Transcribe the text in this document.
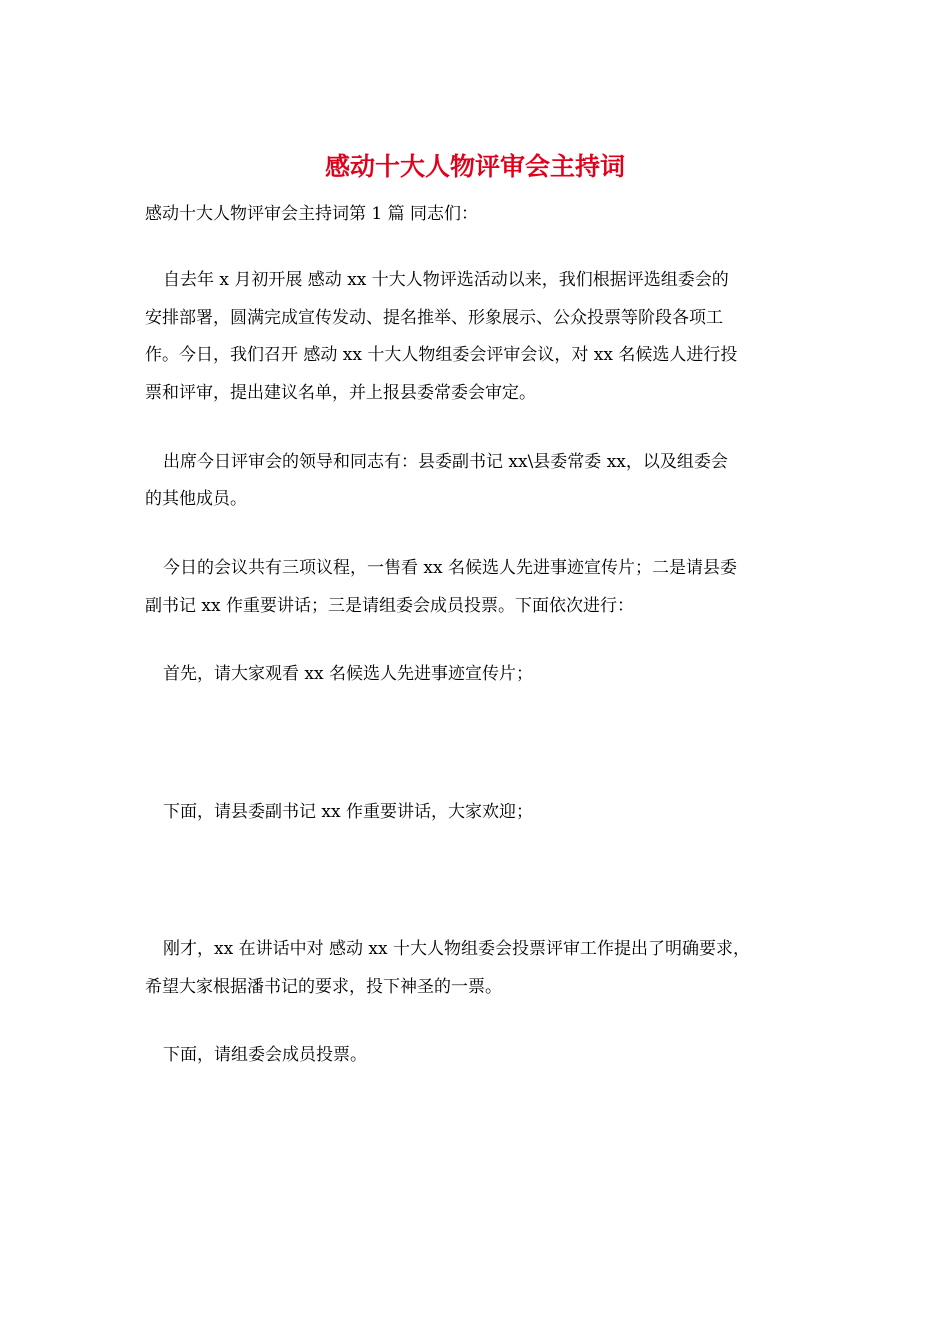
感动十大人物评审会主持词
感动十大人物评审会主持词第 1 篇 同志们：
自去年 x 月初开展 感动 xx 十大人物评选活动以来，我们根据评选组委会的
安排部署，圆满完成宣传发动、提名推举、形象展示、公众投票等阶段各项工
作。今日，我们召开 感动 xx 十大人物组委会评审会议，对 xx 名候选人进行投
票和评审，提出建议名单，并上报县委常委会审定。
出席今日评审会的领导和同志有：县委副书记 xx\县委常委 xx，以及组委会
的其他成员。
今日的会议共有三项议程，一售看 xx 名候选人先进事迹宣传片；二是请县委
副书记 xx 作重要讲话；三是请组委会成员投票。下面依次进行：
首先，请大家观看 xx 名候选人先进事迹宣传片；
下面，请县委副书记 xx 作重要讲话，大家欢迎；
刚才，xx 在讲话中对 感动 xx 十大人物组委会投票评审工作提出了明确要求，
希望大家根据潘书记的要求，投下神圣的一票。
下面，请组委会成员投票。
